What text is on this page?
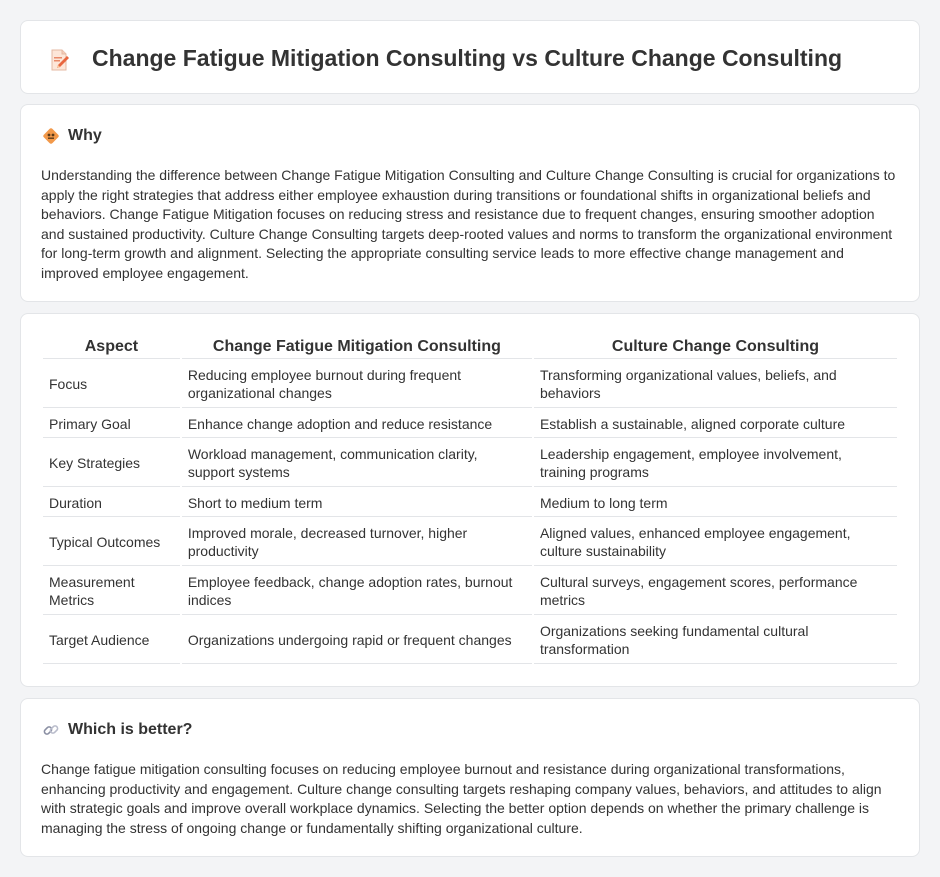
Change Fatigue Mitigation Consulting vs Culture Change Consulting
Why

Understanding the difference between Change Fatigue Mitigation Consulting and Culture Change Consulting is crucial for organizations to apply the right strategies that address either employee exhaustion during transitions or foundational shifts in organizational beliefs and behaviors. Change Fatigue Mitigation focuses on reducing stress and resistance due to frequent changes, ensuring smoother adoption and sustained productivity. Culture Change Consulting targets deep-rooted values and norms to transform the organizational environment for long-term growth and alignment. Selecting the appropriate consulting service leads to more effective change management and improved employee engagement.

Aspect	Change Fatigue Mitigation Consulting	Culture Change Consulting
Focus	Reducing employee burnout during frequent organizational changes	Transforming organizational values, beliefs, and behaviors
Primary Goal	Enhance change adoption and reduce resistance	Establish a sustainable, aligned corporate culture
Key Strategies	Workload management, communication clarity, support systems	Leadership engagement, employee involvement, training programs
Duration	Short to medium term	Medium to long term
Typical Outcomes	Improved morale, decreased turnover, higher productivity	Aligned values, enhanced employee engagement, culture sustainability
Measurement Metrics	Employee feedback, change adoption rates, burnout indices	Cultural surveys, engagement scores, performance metrics
Target Audience	Organizations undergoing rapid or frequent changes	Organizations seeking fundamental cultural transformation
Which is better?

Change fatigue mitigation consulting focuses on reducing employee burnout and resistance during organizational transformations, enhancing productivity and engagement. Culture change consulting targets reshaping company values, behaviors, and attitudes to align with strategic goals and improve overall workplace dynamics. Selecting the better option depends on whether the primary challenge is managing the stress of ongoing change or fundamentally shifting organizational culture.
